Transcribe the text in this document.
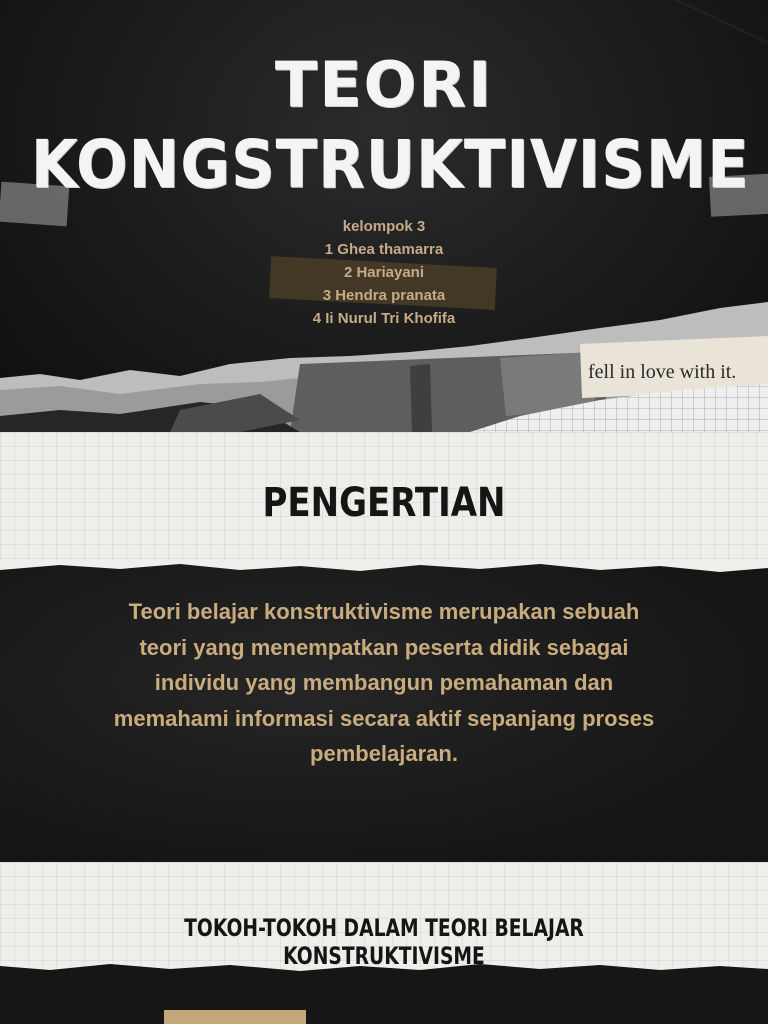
TEORI
KONGSTRUKTIVISME
kelompok 3
1 Ghea thamarra
2 Hariayani
3 Hendra pranata
4 Ii Nurul Tri Khofifa
fell in love with it.
PENGERTIAN

Teori belajar konstruktivisme merupakan sebuah teori yang menempatkan peserta didik sebagai individu yang membangun pemahaman dan memahami informasi secara aktif sepanjang proses pembelajaran.

TOKOH-TOKOH DALAM TEORI BELAJAR KONSTRUKTIVISME
